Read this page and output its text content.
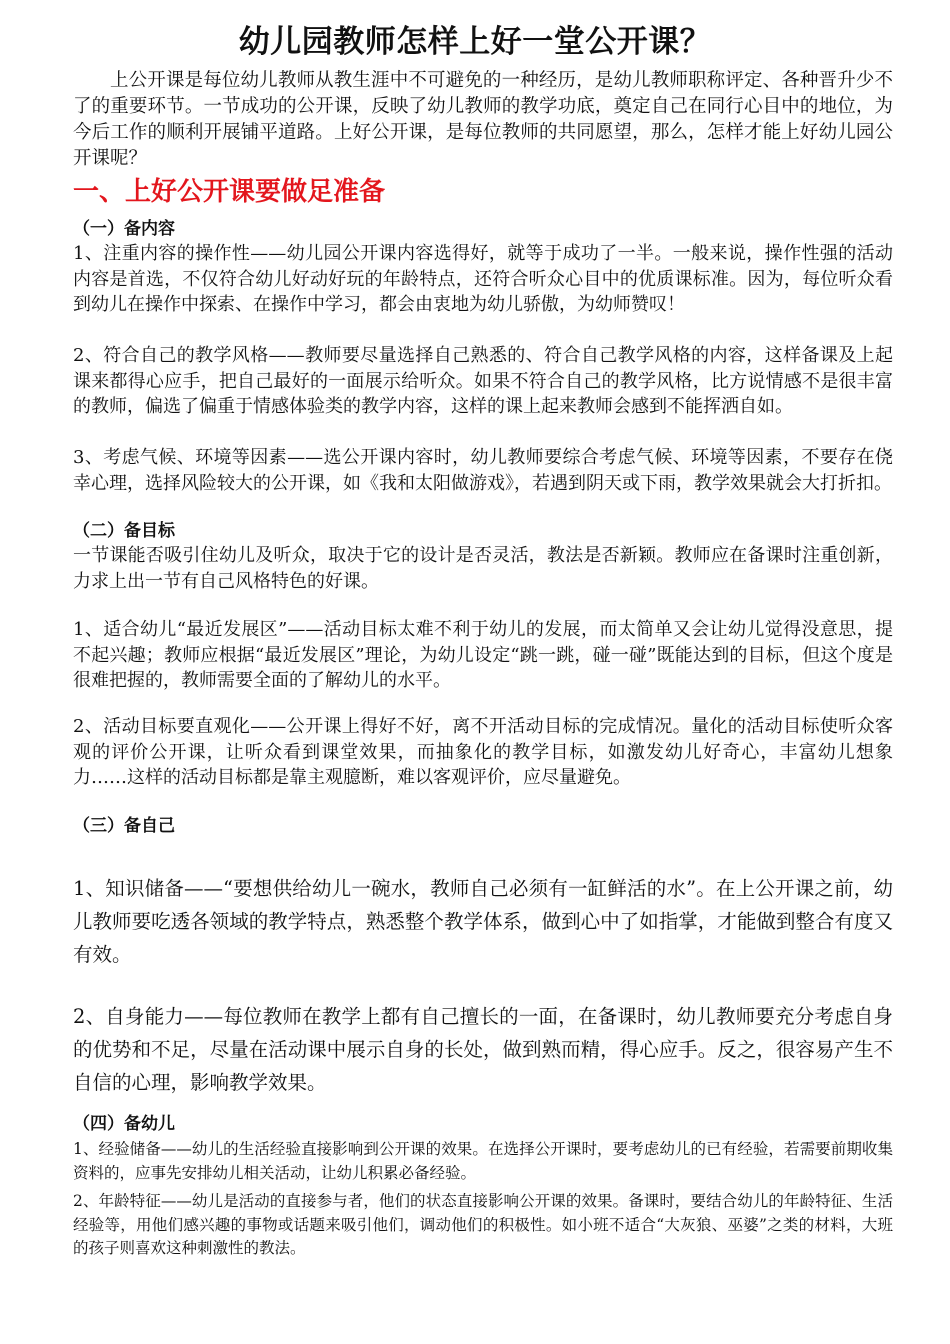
幼儿园教师怎样上好一堂公开课？

上公开课是每位幼儿教师从教生涯中不可避免的一种经历，是幼儿教师职称评定、各种晋升少不了的重要环节。一节成功的公开课，反映了幼儿教师的教学功底，奠定自己在同行心目中的地位，为今后工作的顺利开展铺平道路。上好公开课，是每位教师的共同愿望，那么，怎样才能上好幼儿园公开课呢？

一、上好公开课要做足准备
（一）备内容

1、注重内容的操作性——幼儿园公开课内容选得好，就等于成功了一半。一般来说，操作性强的活动内容是首选，不仅符合幼儿好动好玩的年龄特点，还符合听众心目中的优质课标准。因为，每位听众看到幼儿在操作中探索、在操作中学习，都会由衷地为幼儿骄傲，为幼师赞叹！

2、符合自己的教学风格——教师要尽量选择自己熟悉的、符合自己教学风格的内容，这样备课及上起课来都得心应手，把自己最好的一面展示给听众。如果不符合自己的教学风格，比方说情感不是很丰富的教师，偏选了偏重于情感体验类的教学内容，这样的课上起来教师会感到不能挥洒自如。

3、考虑气候、环境等因素——选公开课内容时，幼儿教师要综合考虑气候、环境等因素，不要存在侥幸心理，选择风险较大的公开课，如《我和太阳做游戏》，若遇到阴天或下雨，教学效果就会大打折扣。

（二）备目标

一节课能否吸引住幼儿及听众，取决于它的设计是否灵活，教法是否新颖。教师应在备课时注重创新，力求上出一节有自己风格特色的好课。

1、适合幼儿“最近发展区”——活动目标太难不利于幼儿的发展，而太简单又会让幼儿觉得没意思，提不起兴趣；教师应根据“最近发展区”理论，为幼儿设定“跳一跳，碰一碰”既能达到的目标，但这个度是很难把握的，教师需要全面的了解幼儿的水平。

2、活动目标要直观化——公开课上得好不好，离不开活动目标的完成情况。量化的活动目标使听众客观的评价公开课，让听众看到课堂效果，而抽象化的教学目标，如激发幼儿好奇心，丰富幼儿想象力……这样的活动目标都是靠主观臆断，难以客观评价，应尽量避免。

（三）备自己

1、知识储备——“要想供给幼儿一碗水，教师自己必须有一缸鲜活的水”。在上公开课之前，幼儿教师要吃透各领域的教学特点，熟悉整个教学体系，做到心中了如指掌，才能做到整合有度又有效。

2、自身能力——每位教师在教学上都有自己擅长的一面，在备课时，幼儿教师要充分考虑自身的优势和不足，尽量在活动课中展示自身的长处，做到熟而精，得心应手。反之，很容易产生不自信的心理，影响教学效果。

（四）备幼儿

1、经验储备——幼儿的生活经验直接影响到公开课的效果。在选择公开课时，要考虑幼儿的已有经验，若需要前期收集资料的，应事先安排幼儿相关活动，让幼儿积累必备经验。

2、年龄特征——幼儿是活动的直接参与者，他们的状态直接影响公开课的效果。备课时，要结合幼儿的年龄特征、生活经验等，用他们感兴趣的事物或话题来吸引他们，调动他们的积极性。如小班不适合“大灰狼、巫婆”之类的材料，大班的孩子则喜欢这种刺激性的教法。
